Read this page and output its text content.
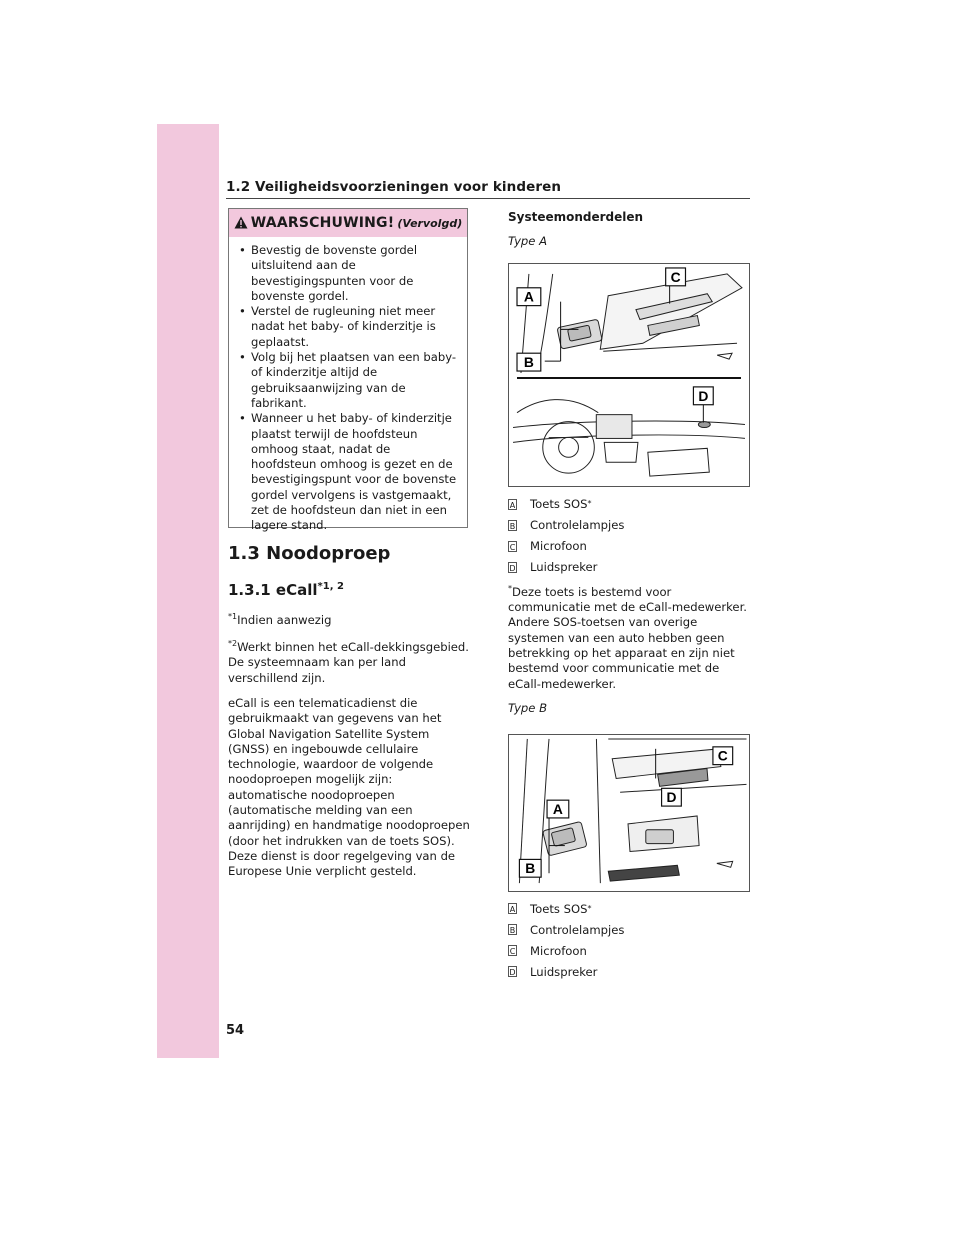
1.2 Veiligheidsvoorzieningen voor kinderen
WAARSCHUWING! (Vervolgd)
• Bevestig de bovenste gordel uitsluitend aan de bevestigingspunten voor de bovenste gordel.
• Verstel de rugleuning niet meer nadat het baby- of kinderzitje is geplaatst.
• Volg bij het plaatsen van een baby- of kinderzitje altijd de gebruiksaanwijzing van de fabrikant.
• Wanneer u het baby- of kinderzitje plaatst terwijl de hoofdsteun omhoog staat, nadat de hoofdsteun omhoog is gezet en de bevestigingspunt voor de bovenste gordel vervolgens is vastgemaakt, zet de hoofdsteun dan niet in een lagere stand.
1.3 Noodoproep
1.3.1 eCall$^{*1, 2}$
$^{*1}$Indien aanwezig
$^{*2}$Werkt binnen het eCall-dekkingsgebied. De systeemnaam kan per land verschillend zijn.
eCall is een telematicadienst die gebruikmaakt van gegevens van het Global Navigation Satellite System (GNSS) en ingebouwde cellulaire technologie, waardoor de volgende noodoproepen mogelijk zijn: automatische noodoproepen (automatische melding van een aanrijding) en handmatige noodoproepen (door het indrukken van de toets SOS). Deze dienst is door regelgeving van de Europese Unie verplicht gesteld.
Systeemonderdelen
Type A
A
B
C
D
A Toets SOS *
B Controlelampjes
C Microfoon
D Luidspreker
*Deze toets is bestemd voor communicatie met de eCall-medewerker. Andere SOS-toetsen van overige systemen van een auto hebben geen betrekking op het apparaat en zijn niet bestemd voor communicatie met de eCall-medewerker.
Type B
A
B
C
D
A Toets SOS *
B Controlelampjes
C Microfoon
D Luidspreker
54
